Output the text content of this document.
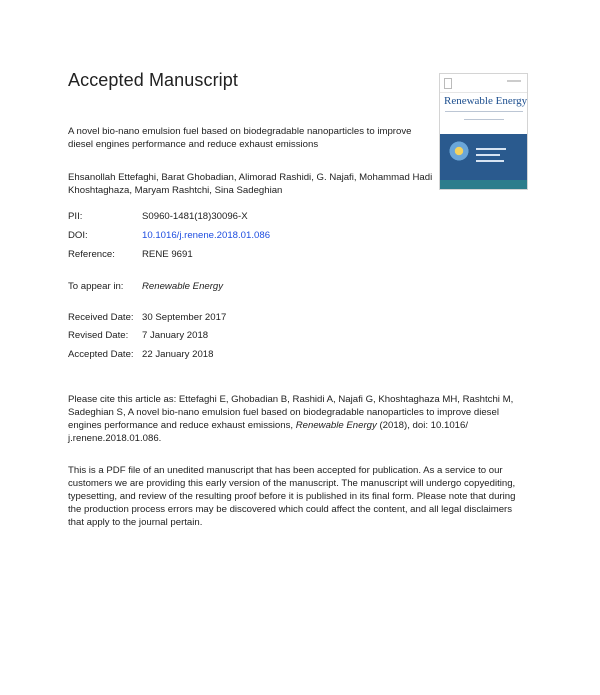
Accepted Manuscript
Renewable Energy
A novel bio-nano emulsion fuel based on biodegradable nanoparticles to improve diesel engines performance and reduce exhaust emissions
Ehsanollah Ettefaghi, Barat Ghobadian, Alimorad Rashidi, G. Najafi, Mohammad Hadi Khoshtaghaza, Maryam Rashtchi, Sina Sadeghian
PII:	S0960-1481(18)30096-X
DOI:	10.1016/j.renene.2018.01.086
Reference:	RENE 9691
To appear in: Renewable Energy
Received Date: 30 September 2017
Revised Date: 7 January 2018
Accepted Date: 22 January 2018
Please cite this article as: Ettefaghi E, Ghobadian B, Rashidi A, Najafi G, Khoshtaghaza MH, Rashtchi M, Sadeghian S, A novel bio-nano emulsion fuel based on biodegradable nanoparticles to improve diesel engines performance and reduce exhaust emissions, Renewable Energy (2018), doi: 10.1016/ j.renene.2018.01.086.
This is a PDF file of an unedited manuscript that has been accepted for publication. As a service to our customers we are providing this early version of the manuscript. The manuscript will undergo copyediting, typesetting, and review of the resulting proof before it is published in its final form. Please note that during the production process errors may be discovered which could affect the content, and all legal disclaimers that apply to the journal pertain.
